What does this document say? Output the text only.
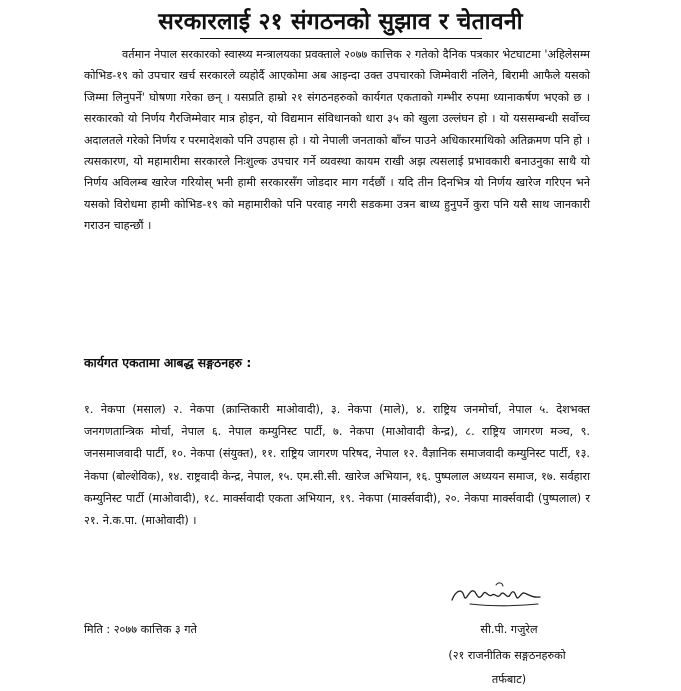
सरकारलाई २१ संगठनको सुझाव र चेतावनी
वर्तमान नेपाल सरकारको स्वास्थ्य मन्त्रालयका प्रवक्ताले २०७७ कात्तिक २ गतेको दैनिक पत्रकार भेटघाटमा 'अहिलेसम्म कोभिड-१९ को उपचार खर्च सरकारले व्यहोर्दै आएकोमा अब आइन्दा उक्त उपचारको जिम्मेवारी नलिने, बिरामी आफैले यसको जिम्मा लिनुपर्ने' घोषणा गरेका छन् । यसप्रति हाम्रो २१ संगठनहरुको कार्यगत एकताको गम्भीर रुपमा ध्यानाकर्षण भएको छ । सरकारको यो निर्णय गैरजिम्मेवार मात्र होइन, यो विद्यमान संविधानको धारा ३५ को खुला उल्लंघन हो । यो यससम्बन्धी सर्वोच्च अदालतले गरेको निर्णय र परमादेशको पनि उपहास हो । यो नेपाली जनताको बाँच्न पाउने अधिकारमाथिको अतिक्रमण पनि हो । त्यसकारण, यो महामारीमा सरकारले निःशुल्क उपचार गर्ने व्यवस्था कायम राखी अझ त्यसलाई प्रभावकारी बनाउनुका साथै यो निर्णय अविलम्ब खारेज गरियोस् भनी हामी सरकारसँग जोडदार माग गर्दछौं । यदि तीन दिनभित्र यो निर्णय खारेज गरिएन भने यसको विरोधमा हामी कोभिड-१९ को महामारीको पनि परवाह नगरी सडकमा उत्रन बाध्य हुनुपर्ने कुरा पनि यसै साथ जानकारी गराउन चाहन्छौं ।
कार्यगत एकतामा आबद्ध सङ्गठनहरु :
१. नेकपा (मसाल) २. नेकपा (क्रान्तिकारी माओवादी), ३. नेकपा (माले), ४. राष्ट्रिय जनमोर्चा, नेपाल ५. देशभक्त जनगणतान्त्रिक मोर्चा, नेपाल ६. नेपाल कम्युनिस्ट पार्टी, ७. नेकपा (माओवादी केन्द्र), ८. राष्ट्रिय जागरण मञ्च, ९. जनसमाजवादी पार्टी, १०. नेकपा (संयुक्त), ११. राष्ट्रिय जागरण परिषद, नेपाल १२. वैज्ञानिक समाजवादी कम्युनिस्ट पार्टी, १३. नेकपा (बोल्शेविक), १४. राष्ट्रवादी केन्द्र, नेपाल, १५. एम.सी.सी. खारेज अभियान, १६. पुष्पलाल अध्ययन समाज, १७. सर्वहारा कम्युनिस्ट पार्टी (माओवादी), १८. मार्क्सवादी एकता अभियान, १९. नेकपा (मार्क्सवादी), २०. नेकपा मार्क्सवादी (पुष्पलाल) र २१. ने.क.पा. (माओवादी) ।
मिति : २०७७ कात्तिक ३ गते	सी.पी. गजुरेल
(२१ राजनीतिक सङ्गठनहरुको
तर्फबाट)
